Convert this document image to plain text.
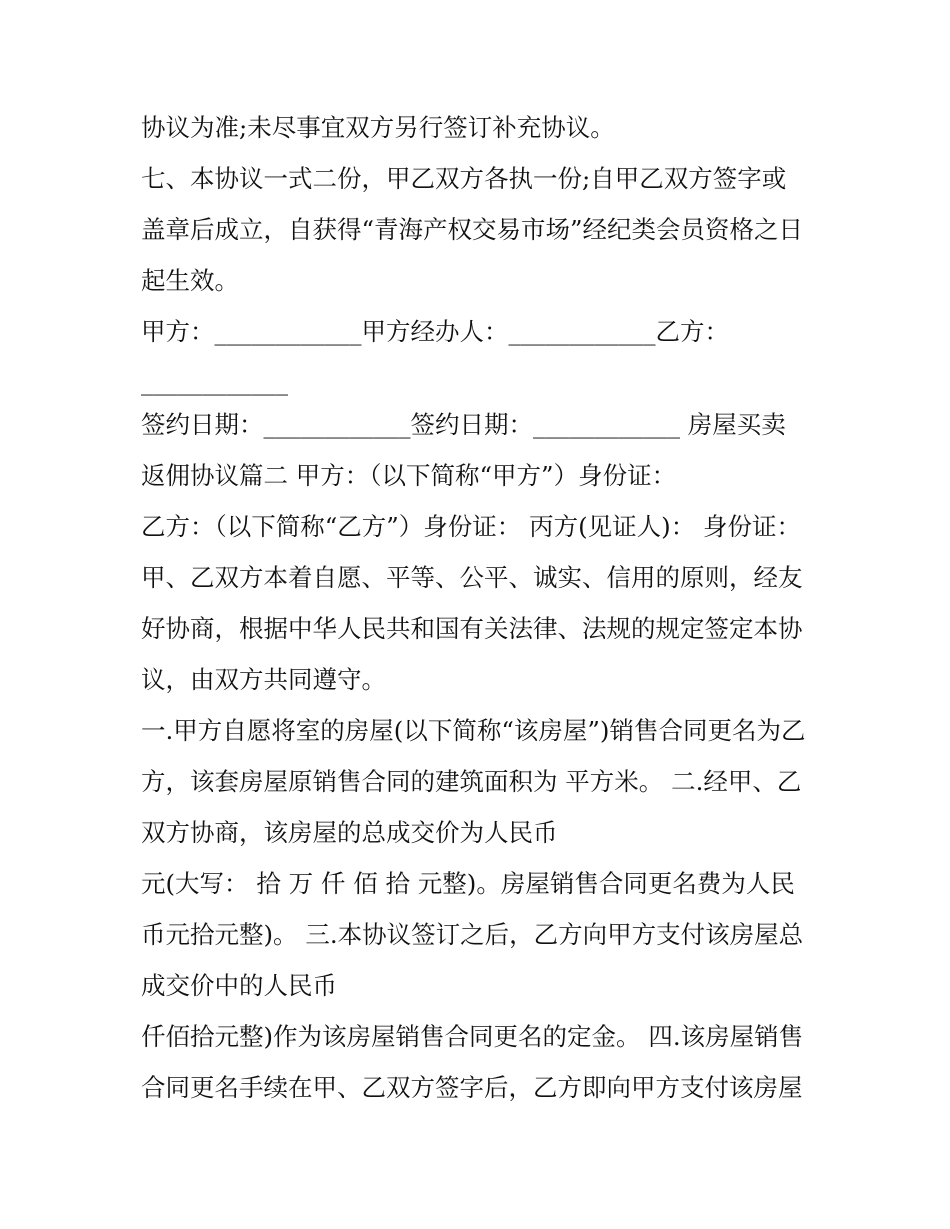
协议为准;未尽事宜双方另行签订补充协议。
七、本协议一式二份，甲乙双方各执一份;自甲乙双方签字或
盖章后成立，自获得“青海产权交易市场”经纪类会员资格之日
起生效。
甲方：____________甲方经办人：____________乙方：
____________
签约日期：____________签约日期：____________ 房屋买卖
返佣协议篇二 甲方：（以下简称“甲方”）身份证：
乙方：（以下简称“乙方”）身份证： 丙方(见证人)： 身份证：
甲、乙双方本着自愿、平等、公平、诚实、信用的原则，经友
好协商，根据中华人民共和国有关法律、法规的规定签定本协
议，由双方共同遵守。
一.甲方自愿将室的房屋(以下简称“该房屋”)销售合同更名为乙
方，该套房屋原销售合同的建筑面积为 平方米。 二.经甲、乙
双方协商，该房屋的总成交价为人民币
元(大写： 拾 万 仟 佰 拾 元整)。房屋销售合同更名费为人民
币元拾元整)。 三.本协议签订之后，乙方向甲方支付该房屋总
成交价中的人民币
仟佰拾元整)作为该房屋销售合同更名的定金。 四.该房屋销售
合同更名手续在甲、乙双方签字后，乙方即向甲方支付该房屋
